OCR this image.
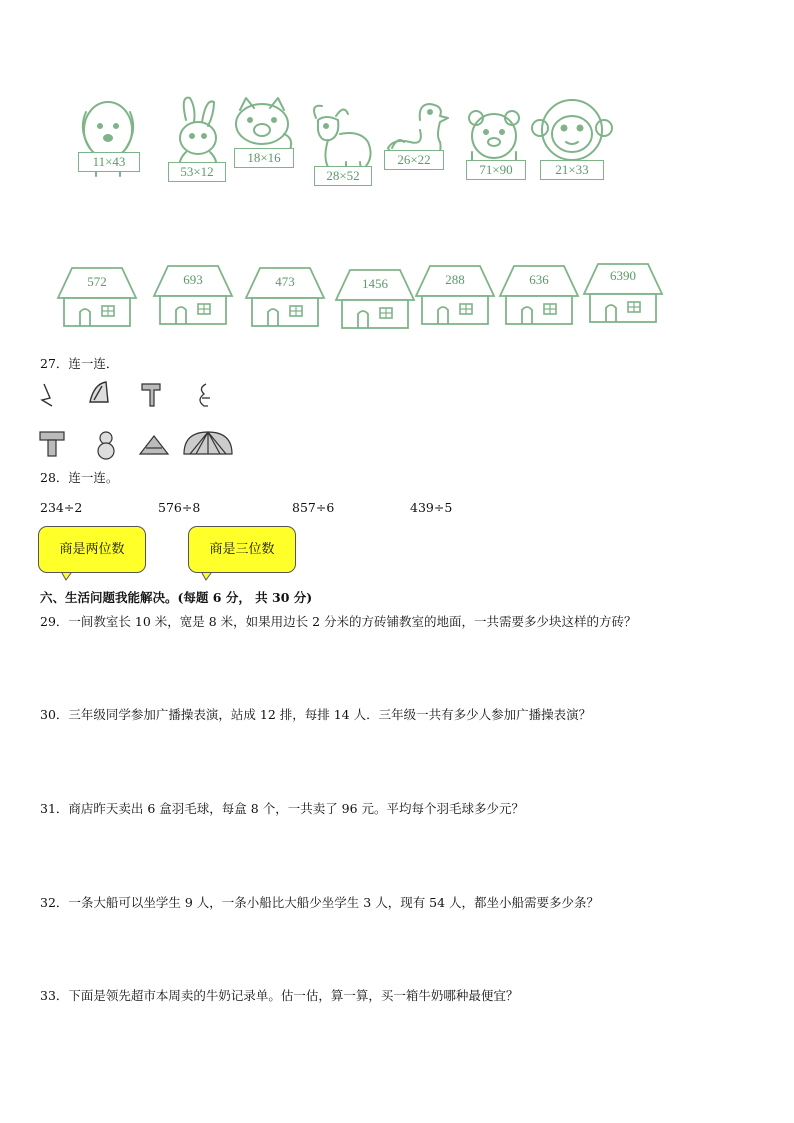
11×43
53×12
18×16
28×52
26×22
71×90	21×33
572	693	473	1456	288	636	6390
27．连一连．
28．连一连。
234÷2	576÷8	857÷6	439÷5
商是两位数	商是三位数
六、生活问题我能解决。(每题 6 分， 共 30 分)
29．一间教室长 10 米，宽是 8 米，如果用边长 2 分米的方砖铺教室的地面，一共需要多少块这样的方砖？
30．三年级同学参加广播操表演，站成 12 排，每排 14 人．三年级一共有多少人参加广播操表演？
31．商店昨天卖出 6 盒羽毛球，每盒 8 个，一共卖了 96 元。平均每个羽毛球多少元？
32．一条大船可以坐学生 9 人，一条小船比大船少坐学生 3 人，现有 54 人，都坐小船需要多少条？
33．下面是领先超市本周卖的牛奶记录单。估一估，算一算，买一箱牛奶哪种最便宜？
